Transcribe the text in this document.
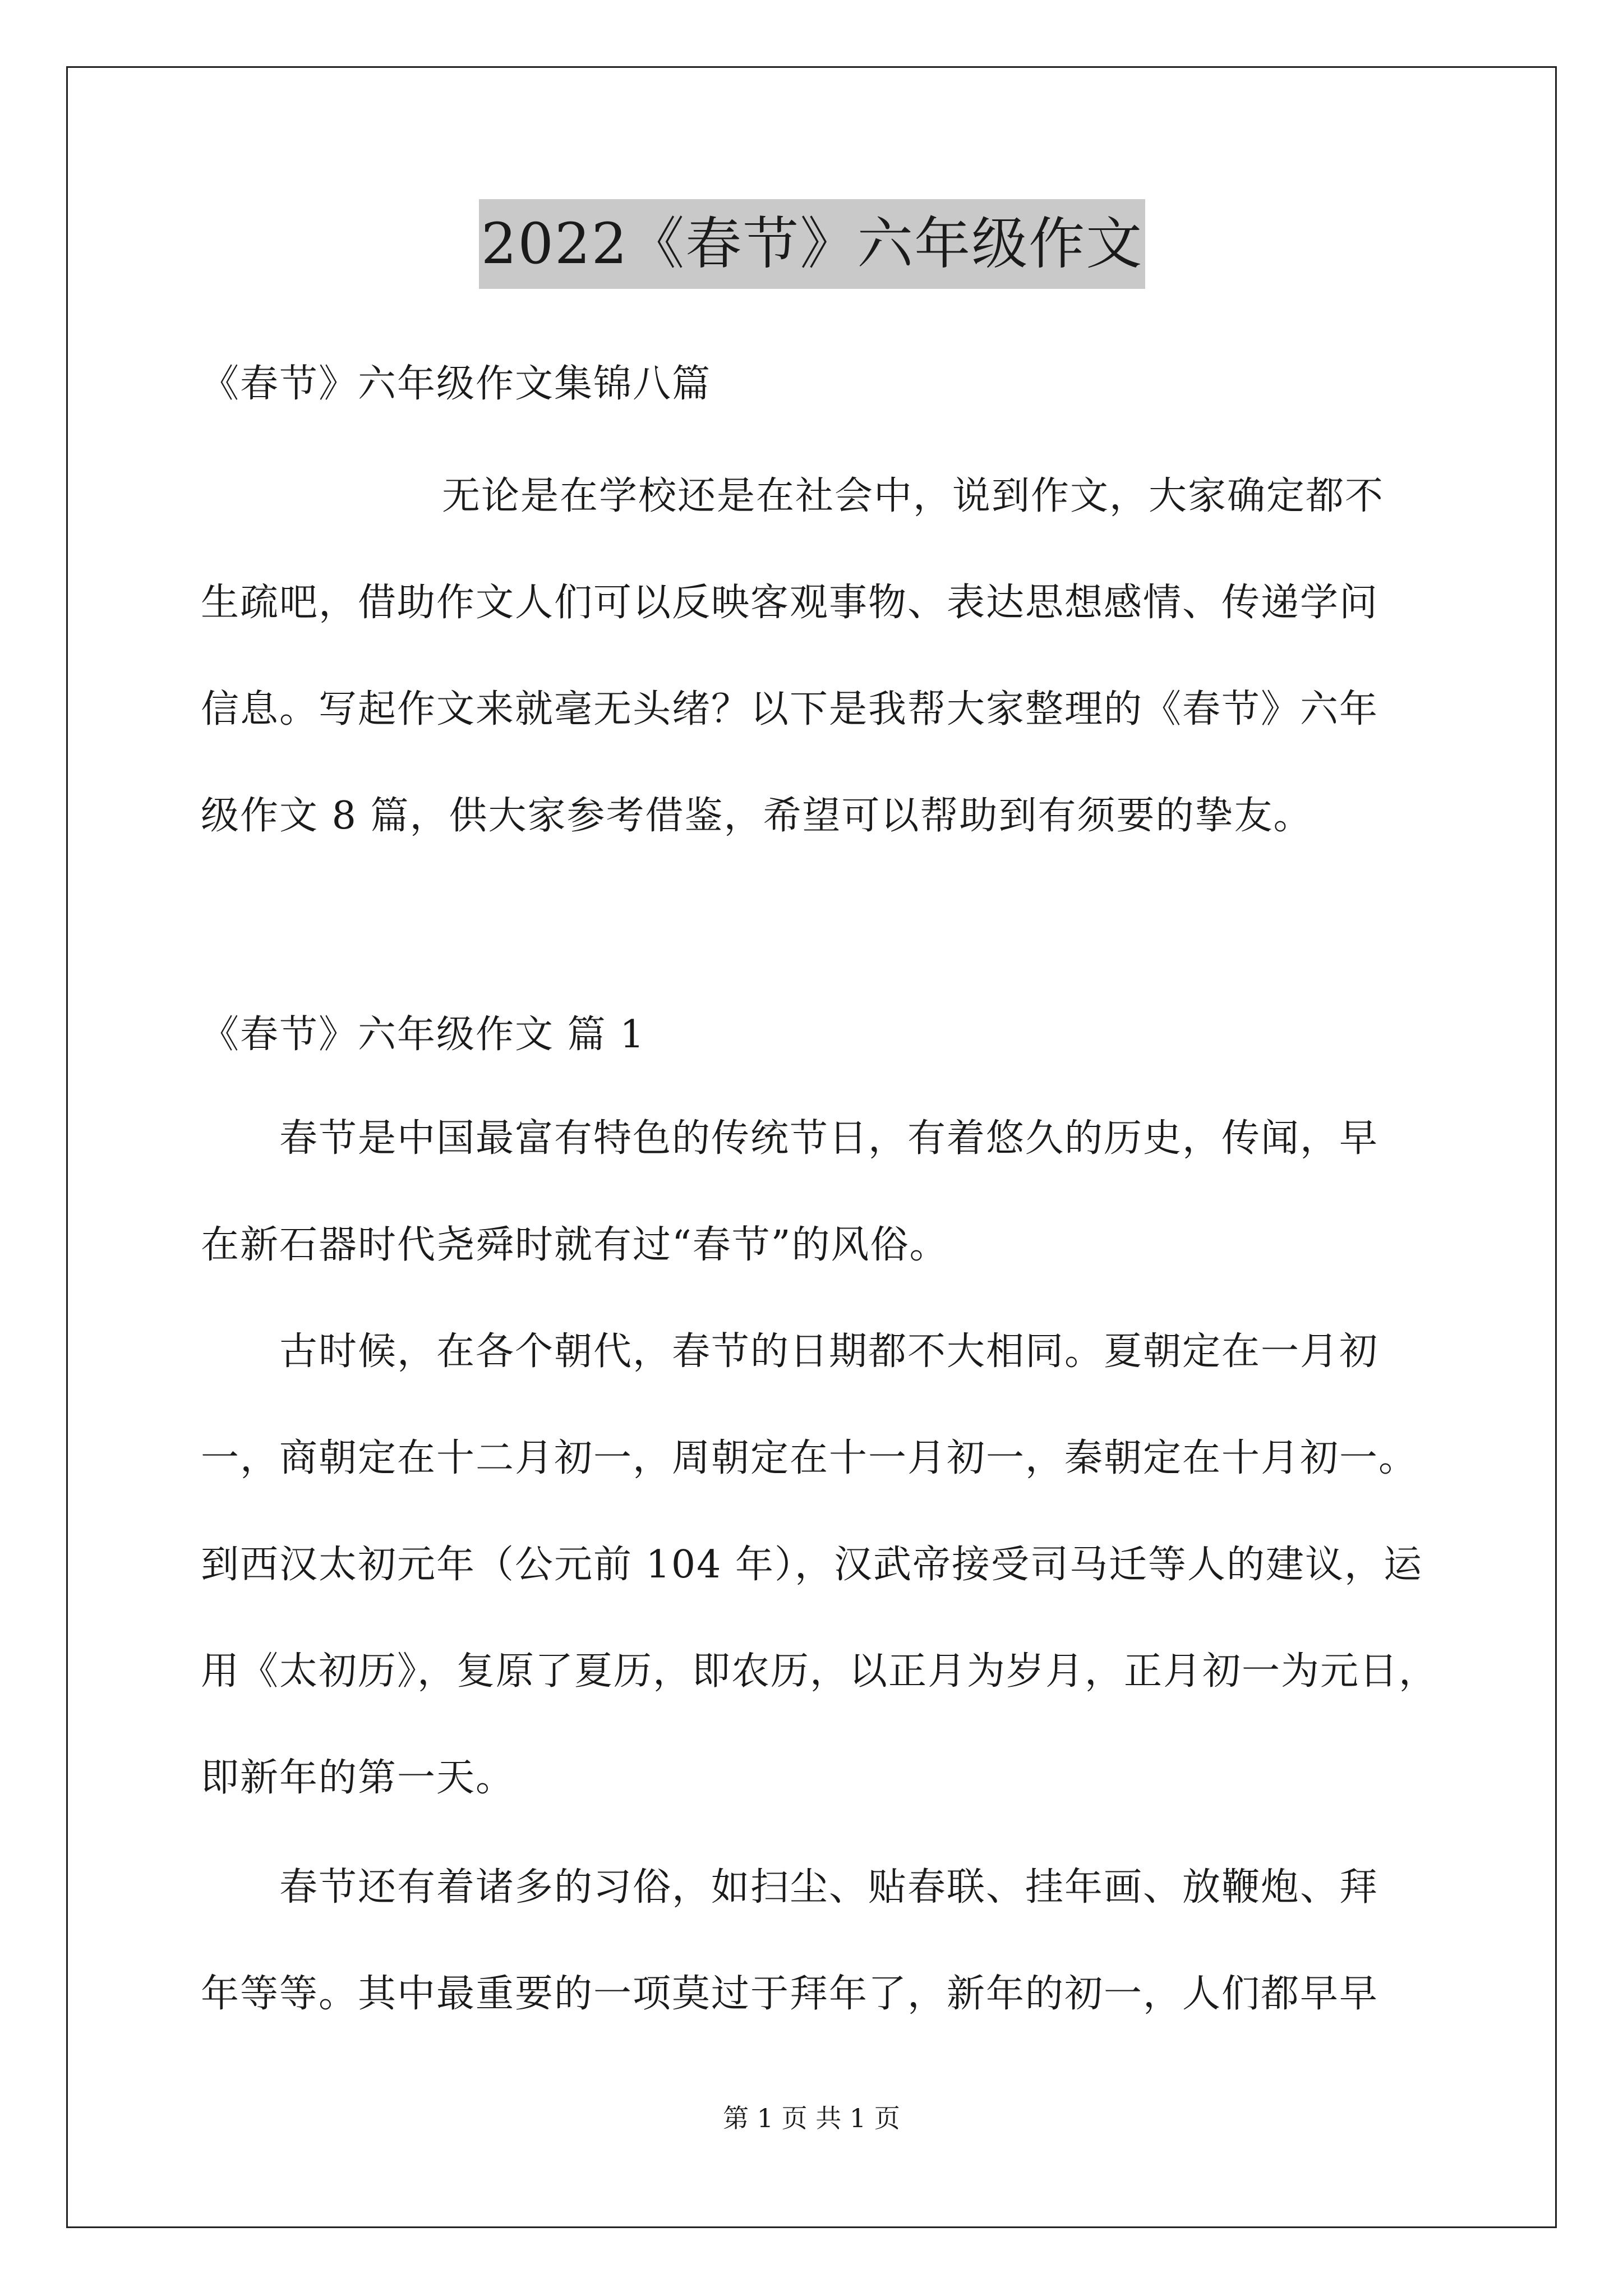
2022《春节》六年级作文
《春节》六年级作文集锦八篇
无论是在学校还是在社会中，说到作文，大家确定都不
生疏吧，借助作文人们可以反映客观事物、表达思想感情、传递学问
信息。写起作文来就毫无头绪？以下是我帮大家整理的《春节》六年
级作文 8 篇，供大家参考借鉴，希望可以帮助到有须要的挚友。
《春节》六年级作文 篇 1
春节是中国最富有特色的传统节日，有着悠久的历史，传闻，早
在新石器时代尧舜时就有过“春节”的风俗。
古时候，在各个朝代，春节的日期都不大相同。夏朝定在一月初
一，商朝定在十二月初一，周朝定在十一月初一，秦朝定在十月初一。
到西汉太初元年（公元前 104 年），汉武帝接受司马迁等人的建议，运
用《太初历》，复原了夏历，即农历，以正月为岁月，正月初一为元日，
即新年的第一天。
春节还有着诸多的习俗，如扫尘、贴春联、挂年画、放鞭炮、拜
年等等。其中最重要的一项莫过于拜年了，新年的初一，人们都早早
第 1 页 共 1 页
